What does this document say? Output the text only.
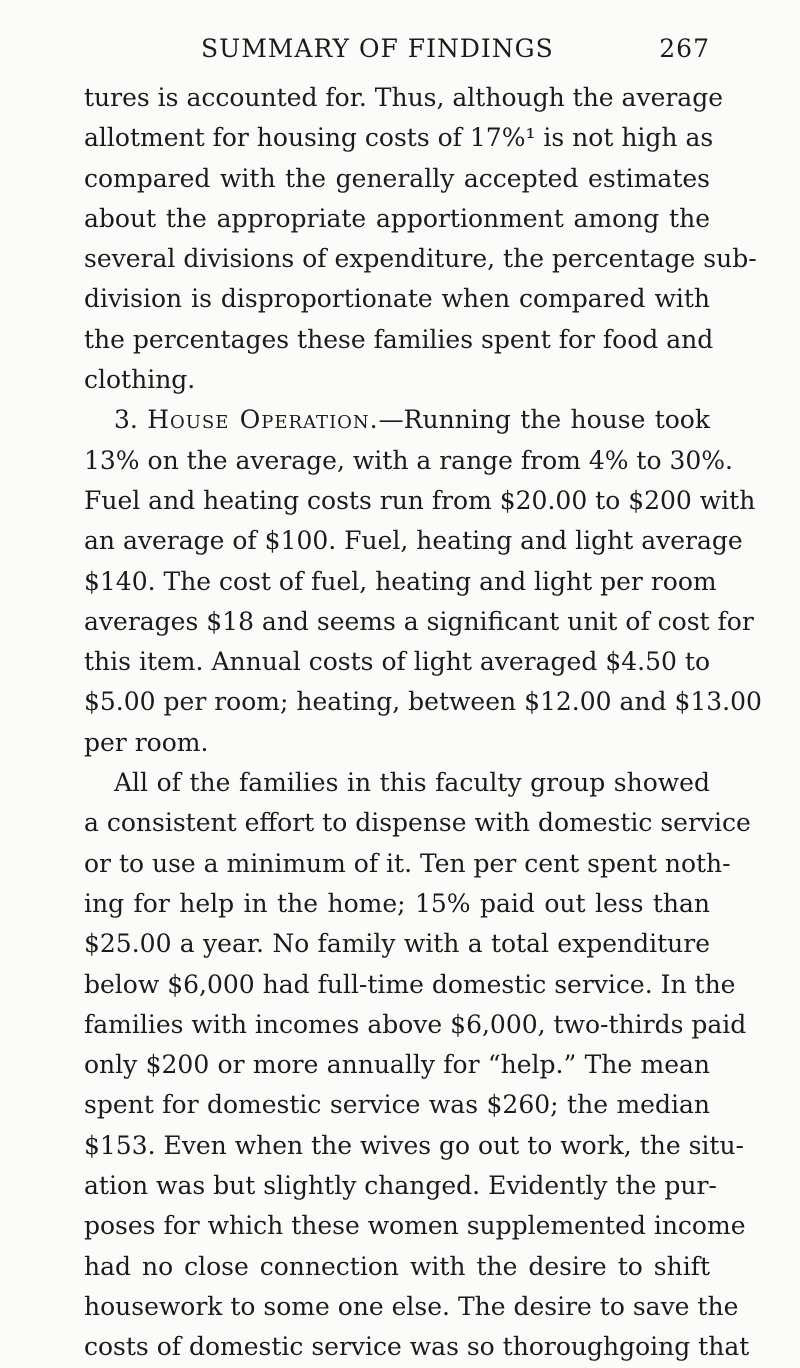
SUMMARY OF FINDINGS	267
tures is accounted for. Thus, although the average
allotment for housing costs of 17%¹ is not high as
compared with the generally accepted estimates
about the appropriate apportionment among the
several divisions of expenditure, the percentage sub-
division is disproportionate when compared with
the percentages these families spent for food and
clothing.
3. House Operation.—Running the house took
13% on the average, with a range from 4% to 30%.
Fuel and heating costs run from $20.00 to $200 with
an average of $100. Fuel, heating and light average
$140. The cost of fuel, heating and light per room
averages $18 and seems a significant unit of cost for
this item. Annual costs of light averaged $4.50 to
$5.00 per room; heating, between $12.00 and $13.00
per room.
All of the families in this faculty group showed
a consistent effort to dispense with domestic service
or to use a minimum of it. Ten per cent spent noth-
ing for help in the home; 15% paid out less than
$25.00 a year. No family with a total expenditure
below $6,000 had full-time domestic service. In the
families with incomes above $6,000, two-thirds paid
only $200 or more annually for “help.” The mean
spent for domestic service was $260; the median
$153. Even when the wives go out to work, the situ-
ation was but slightly changed. Evidently the pur-
poses for which these women supplemented income
had no close connection with the desire to shift
housework to some one else. The desire to save the
costs of domestic service was so thoroughgoing that
